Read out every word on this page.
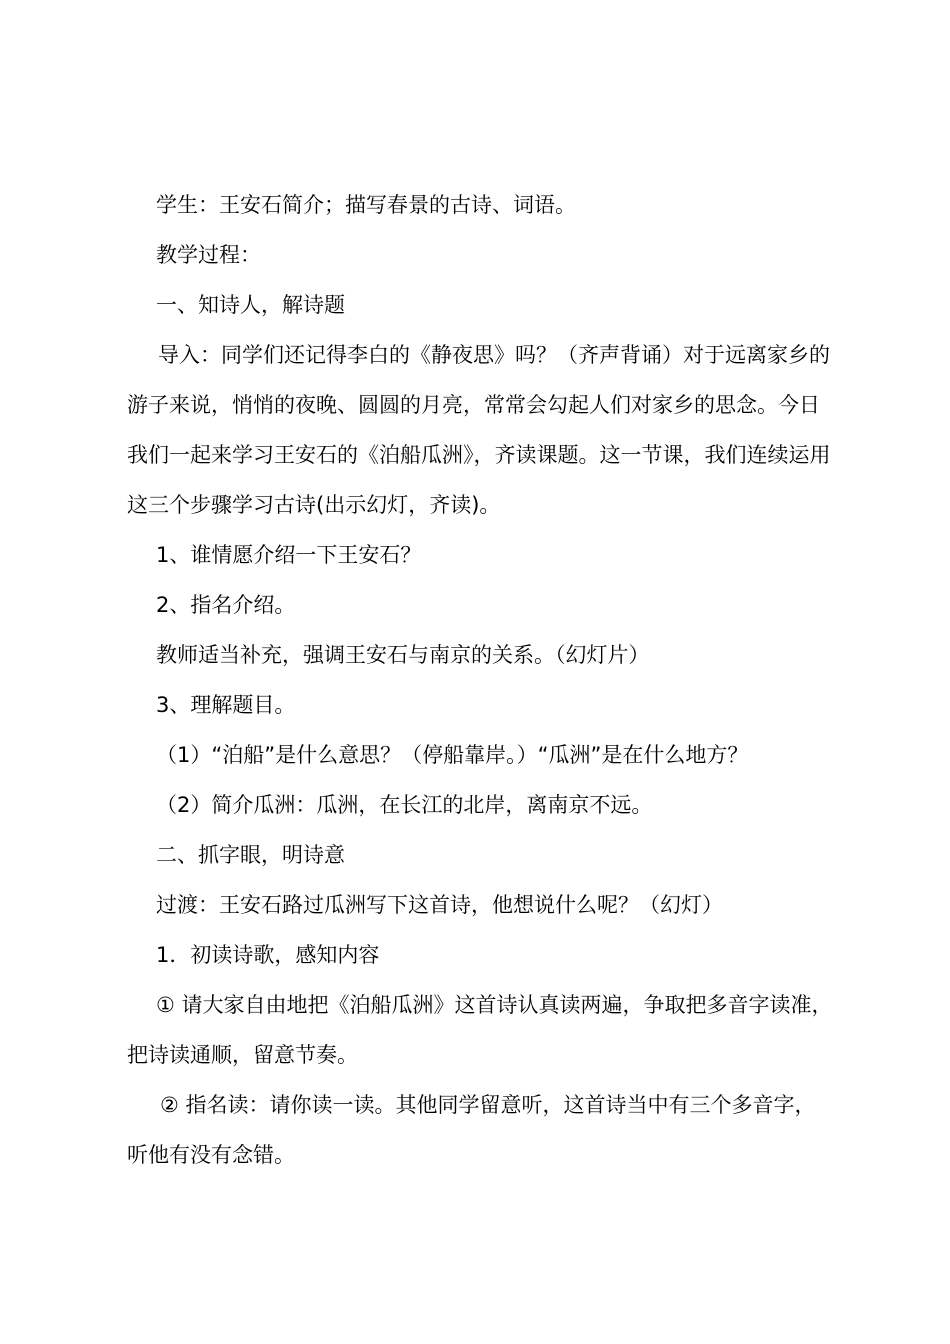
学生：王安石简介；描写春景的古诗、词语。

教学过程：

一、知诗人，解诗题

导入：同学们还记得李白的《静夜思》吗？（齐声背诵）对于远离家乡的游子来说，悄悄的夜晚、圆圆的月亮，常常会勾起人们对家乡的思念。今日我们一起来学习王安石的《泊船瓜洲》，齐读课题。这一节课，我们连续运用这三个步骤学习古诗(出示幻灯，齐读)。

1、谁情愿介绍一下王安石？

2、指名介绍。

教师适当补充，强调王安石与南京的关系。（幻灯片）

3、理解题目。

（1）“泊船”是什么意思？（停船靠岸。）“瓜洲”是在什么地方？

（2）简介瓜洲：瓜洲，在长江的北岸，离南京不远。

二、抓字眼，明诗意

过渡：王安石路过瓜洲写下这首诗，他想说什么呢？（幻灯）

1．初读诗歌，感知内容

① 请大家自由地把《泊船瓜洲》这首诗认真读两遍，争取把多音字读准，把诗读通顺，留意节奏。

② 指名读：请你读一读。其他同学留意听，这首诗当中有三个多音字，听他有没有念错。
